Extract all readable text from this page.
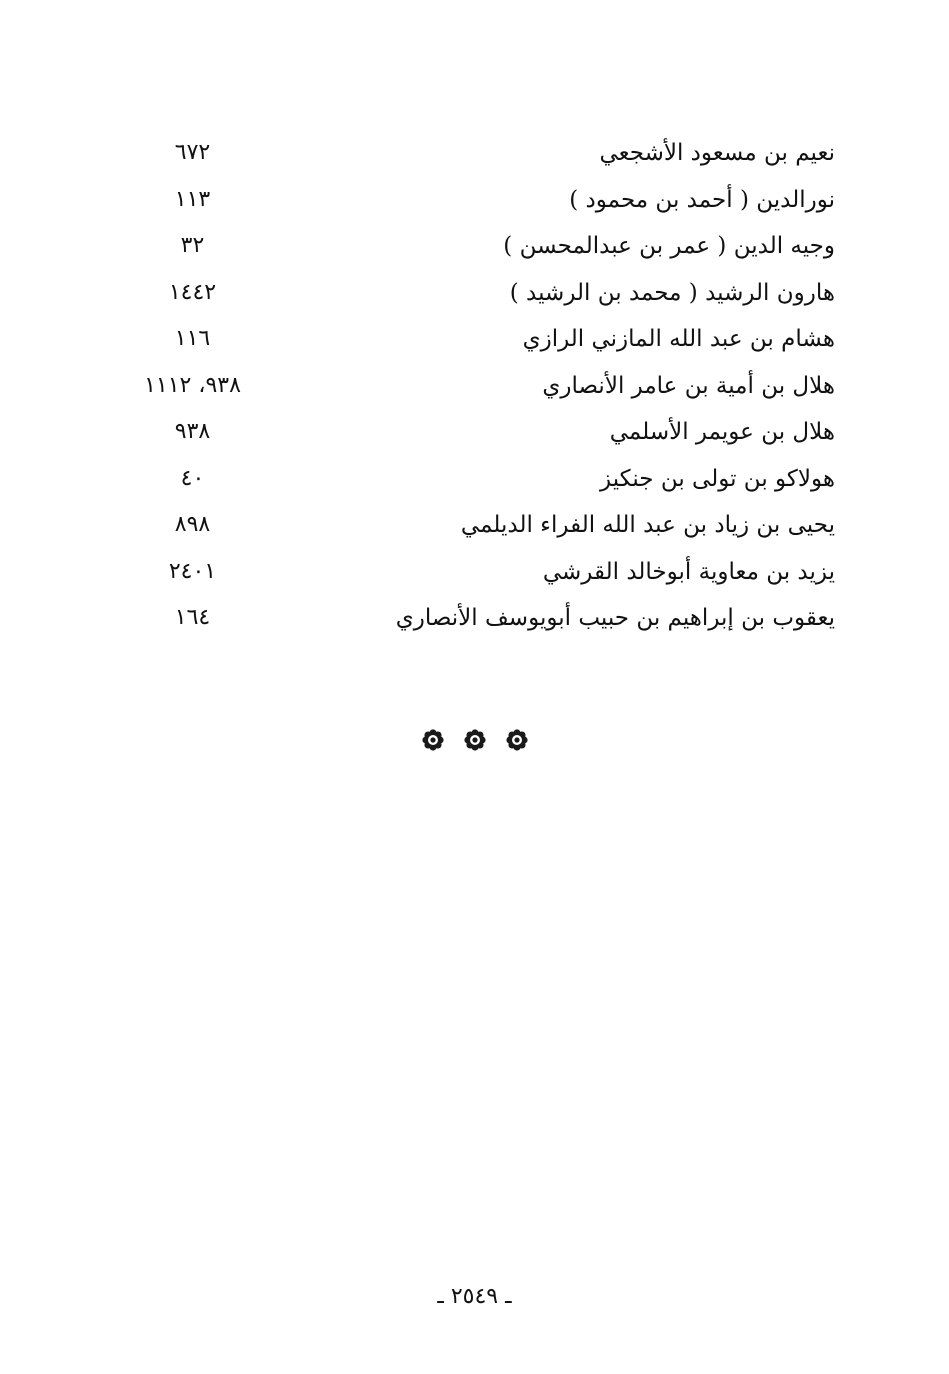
نعيم بن مسعود الأشجعي
٦٧٢
نورالدين ( أحمد بن محمود )
١١٣
وجيه الدين ( عمر بن عبدالمحسن )
٣٢
هارون الرشيد ( محمد بن الرشيد )
١٤٤٢
هشام بن عبد الله المازني الرازي
١١٦
هلال بن أمية بن عامر الأنصاري
٩٣٨، ١١١٢
هلال بن عويمر الأسلمي
٩٣٨
هولاكو بن تولى بن جنكيز
٤٠
يحيى بن زياد بن عبد الله الفراء الديلمي
٨٩٨
يزيد بن معاوية أبوخالد القرشي
٢٤٠١
يعقوب بن إبراهيم بن حبيب أبويوسف الأنصاري
١٦٤
ـ ٢٥٤٩ ـ
